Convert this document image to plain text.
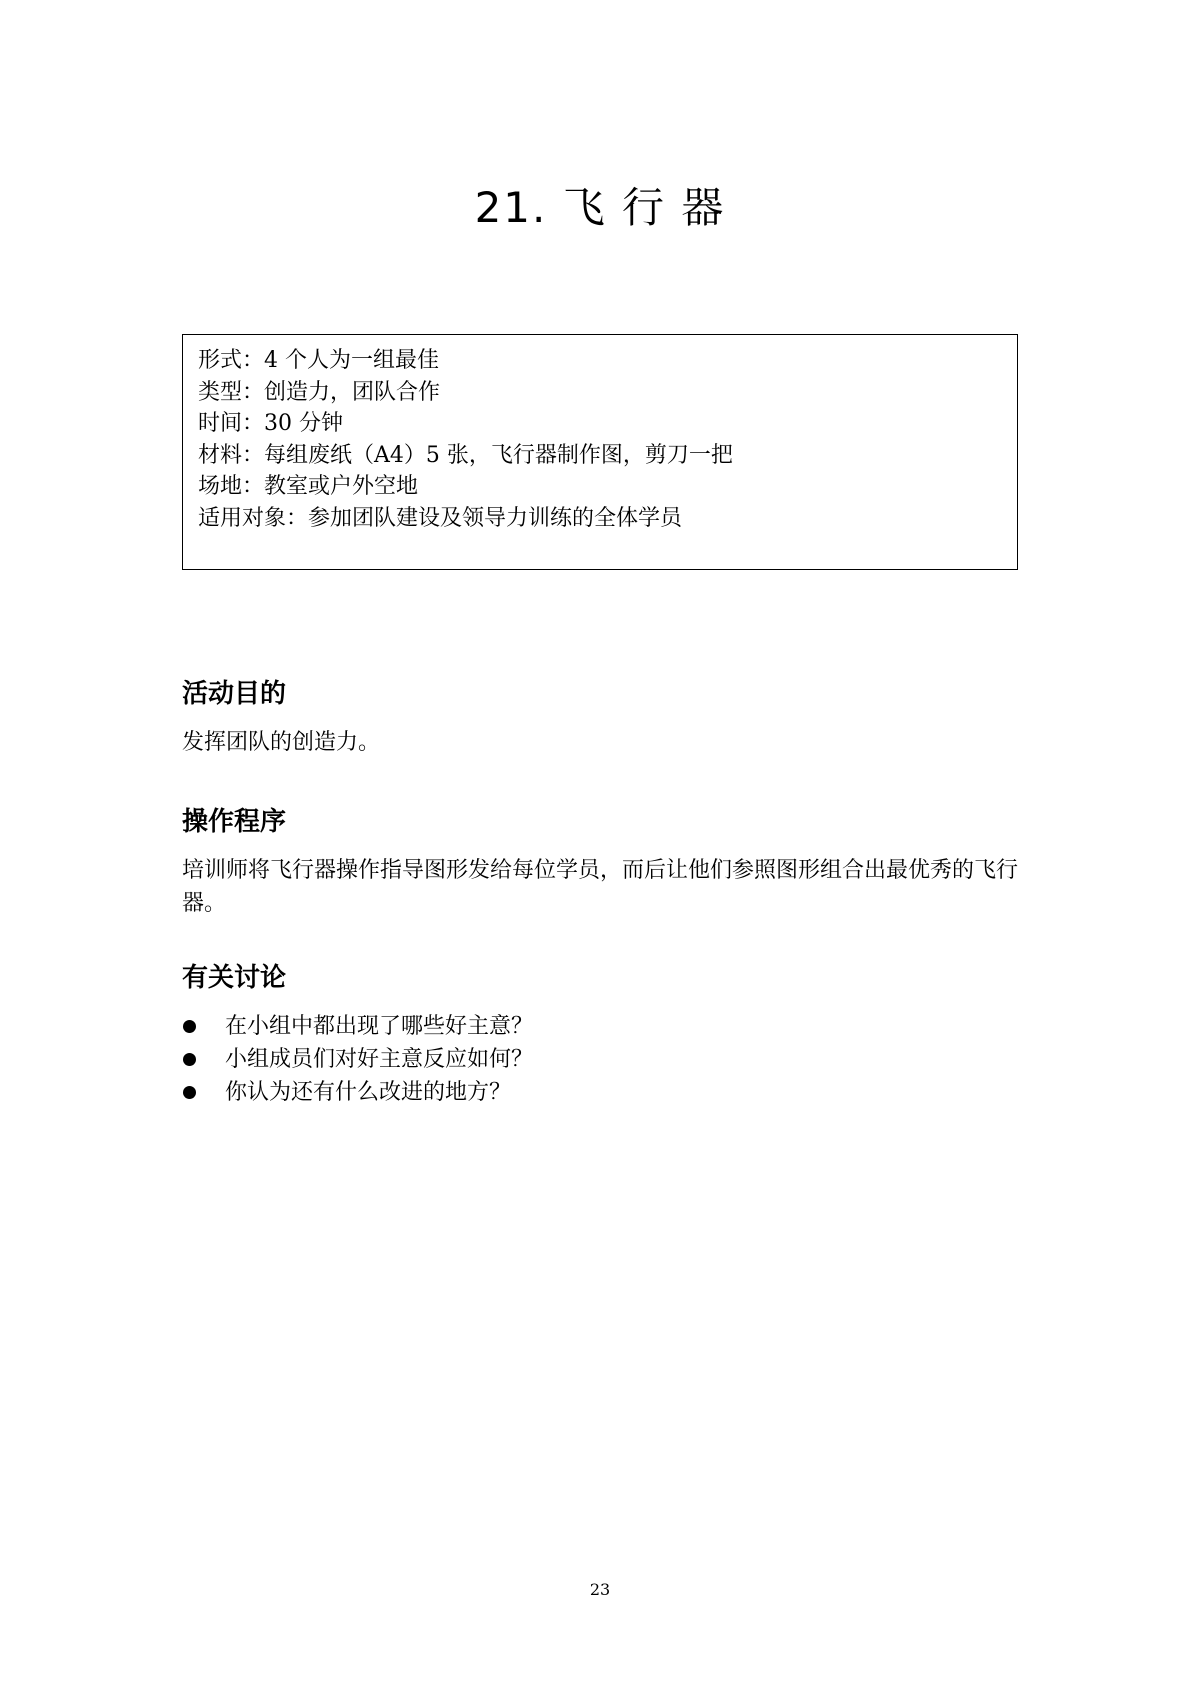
21. 飞 行 器
形式：4 个人为一组最佳
类型：创造力，团队合作
时间：30 分钟
材料：每组废纸（A4）5 张，飞行器制作图，剪刀一把
场地：教室或户外空地
适用对象：参加团队建设及领导力训练的全体学员
活动目的

发挥团队的创造力。

操作程序

培训师将飞行器操作指导图形发给每位学员，而后让他们参照图形组合出最优秀的飞行器。

有关讨论
在小组中都出现了哪些好主意？
小组成员们对好主意反应如何？
你认为还有什么改进的地方？
23
